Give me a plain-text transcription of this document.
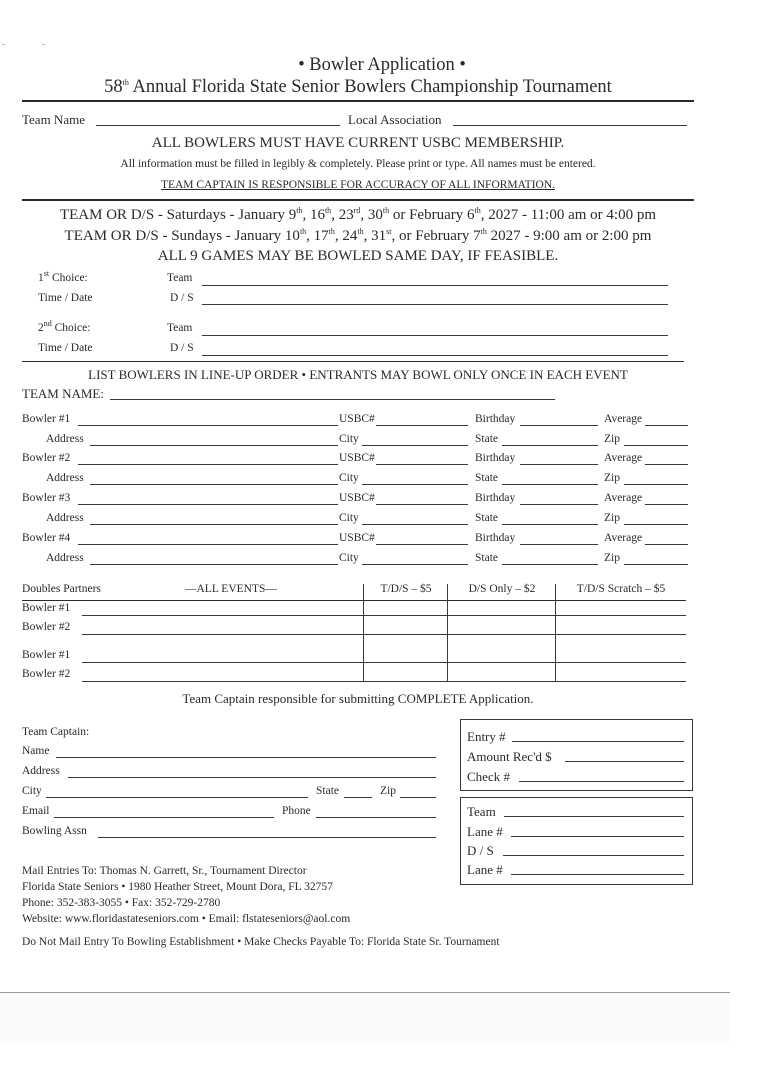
• Bowler Application •
58th Annual Florida State Senior Bowlers Championship Tournament
Team Name	Local Association
ALL BOWLERS MUST HAVE CURRENT USBC MEMBERSHIP.
All information must be filled in legibly & completely. Please print or type. All names must be entered.
TEAM CAPTAIN IS RESPONSIBLE FOR ACCURACY OF ALL INFORMATION.
TEAM OR D/S - Saturdays - January 9th, 16th, 23rd, 30th or February 6th, 2027 - 11:00 am or 4:00 pm
TEAM OR D/S - Sundays - January 10th, 17th, 24th, 31st, or February 7th 2027 - 9:00 am or 2:00 pm
ALL 9 GAMES MAY BE BOWLED SAME DAY, IF FEASIBLE.
1st Choice:	Team
Time / Date	D / S
2nd Choice:	Team
Time / Date	D / S
LIST BOWLERS IN LINE-UP ORDER • ENTRANTS MAY BOWL ONLY ONCE IN EACH EVENT
TEAM NAME:
Bowler #1	USBC#	Birthday	Average
Address	City	State	Zip
Bowler #2	USBC#	Birthday	Average
Address	City	State	Zip
Bowler #3	USBC#	Birthday	Average
Address	City	State	Zip
Bowler #4	USBC#	Birthday	Average
Address	City	State	Zip
Doubles Partners	—ALL EVENTS—	T/D/S – $5	D/S Only – $2	T/D/S Scratch – $5
Bowler #1
Bowler #2
Bowler #1
Bowler #2
Team Captain responsible for submitting COMPLETE Application.
Team Captain:
Name
Address
City	State	Zip
Email	Phone
Bowling Assn
Entry #
Amount Rec'd $
Check #
Team
Lane #
D / S
Lane #
Mail Entries To: Thomas N. Garrett, Sr., Tournament Director
Florida State Seniors • 1980 Heather Street, Mount Dora, FL 32757
Phone: 352-383-3055 • Fax: 352-729-2780
Website: www.floridastateseniors.com • Email: flstateseniors@aol.com
Do Not Mail Entry To Bowling Establishment • Make Checks Payable To: Florida State Sr. Tournament
